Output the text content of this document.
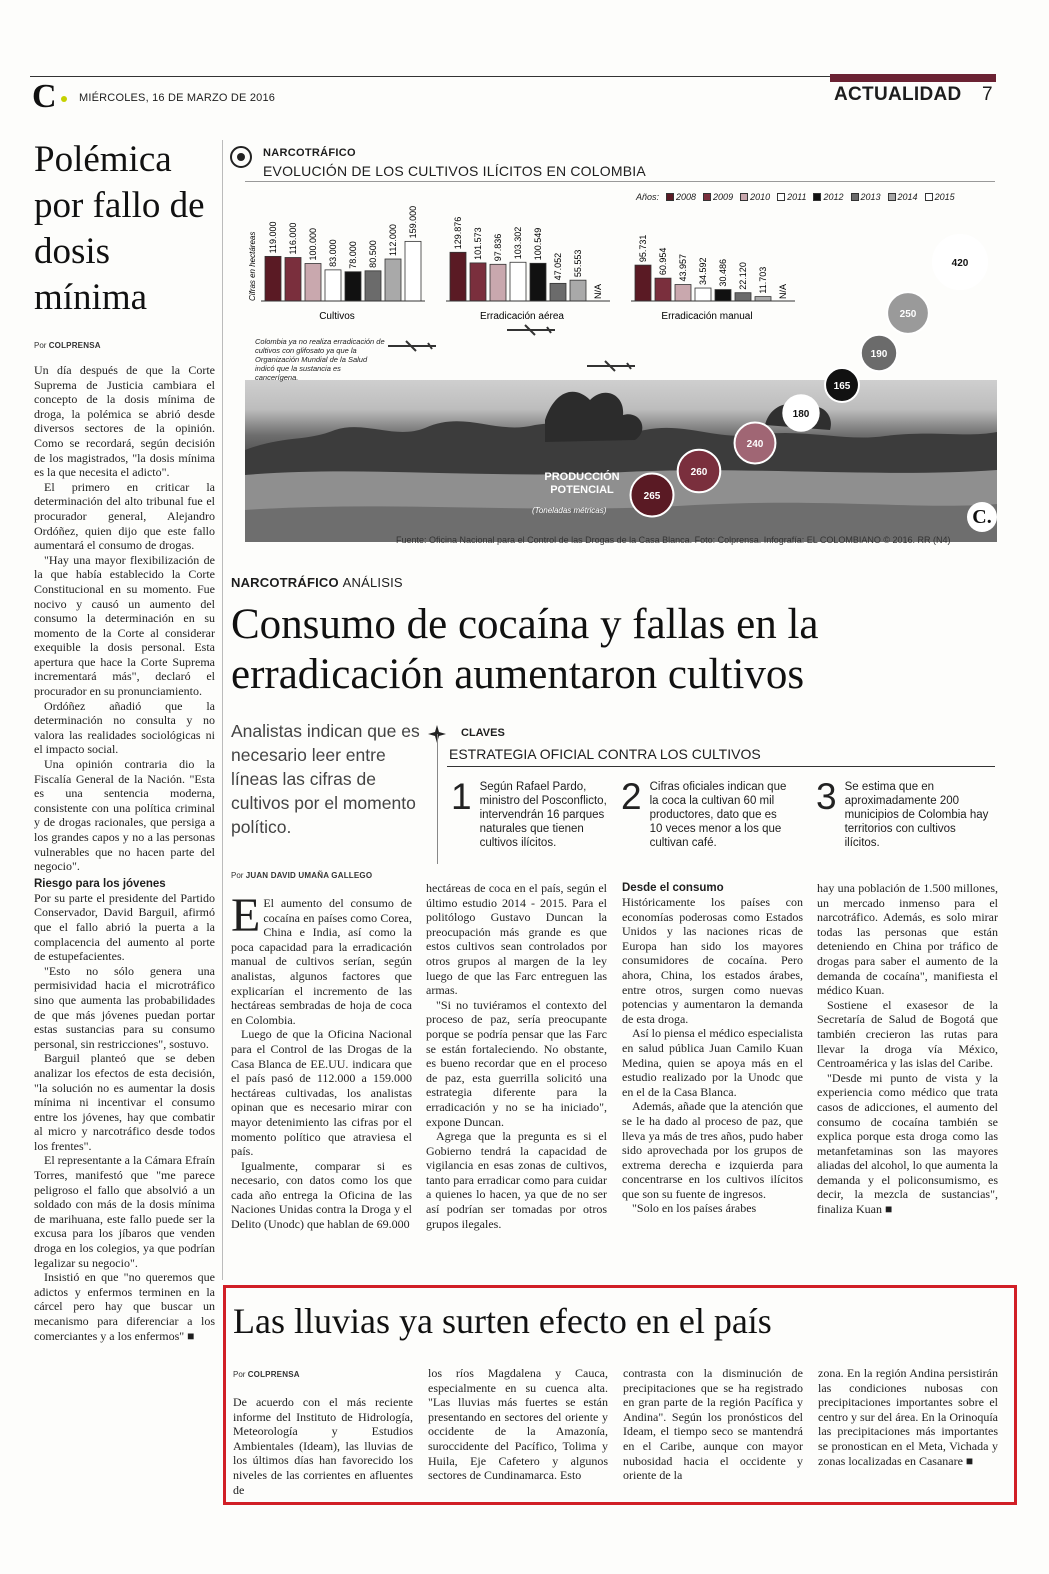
C MIÉRCOLES, 16 DE MARZO DE 2016	ACTUALIDAD 7
Polémica por fallo de dosis mínima
Por COLPRENSA

Un día después de que la Corte Suprema de Justicia cambiara el concepto de la dosis mínima de droga, la polémica se abrió desde diversos sectores de la opinión. Como se recordará, según decisión de los magistrados, "la dosis mínima es la que necesita el adicto".

El primero en criticar la determinación del alto tribunal fue el procurador general, Alejandro Ordóñez, quien dijo que este fallo aumentará el consumo de drogas.

"Hay una mayor flexibilización de la que había establecido la Corte Constitucional en su momento. Fue nocivo y causó un aumento del consumo la determinación en su momento de la Corte al considerar exequible la dosis personal. Esta apertura que hace la Corte Suprema incrementará más", declaró el procurador en su pronunciamiento.

Ordóñez añadió que la determinación no consulta y no valora las realidades sociológicas ni el impacto social.

Una opinión contraria dio la Fiscalía General de la Nación. "Esta es una sentencia moderna, consistente con una política criminal y de drogas racionales, que persiga a los grandes capos y no a las personas vulnerables que no hacen parte del negocio".

Riesgo para los jóvenes

Por su parte el presidente del Partido Conservador, David Barguil, afirmó que el fallo abrió la puerta a la complacencia del aumento al porte de estupefacientes.

"Esto no sólo genera una permisividad hacia el microtráfico sino que aumenta las probabilidades de que más jóvenes puedan portar estas sustancias para su consumo personal, sin restricciones", sostuvo.

Barguil planteó que se deben analizar los efectos de esta decisión, "la solución no es aumentar la dosis mínima ni incentivar el consumo entre los jóvenes, hay que combatir al micro y narcotráfico desde todos los frentes".

El representante a la Cámara Efraín Torres, manifestó que "me parece peligroso el fallo que absolvió a un soldado con más de la dosis mínima de marihuana, este fallo puede ser la excusa para los jíbaros que venden droga en los colegios, ya que podrían legalizar su negocio".

Insistió en que "no queremos que adictos y enfermos terminen en la cárcel pero hay que buscar un mecanismo para diferenciar a los comerciantes y a los enfermos" ■

NARCOTRÁFICO
EVOLUCIÓN DE LOS CULTIVOS ILÍCITOS EN COLOMBIA
Años:	2008	2009	2010	2011	2012	2013	2014	2015
Colombia ya no realiza erradicación de cultivos con glifosato ya que la Organización Mundial de la Salud indicó que la sustancia es cancerígena.
Cifras en hectáreas 119.000 116.000 100.000 83.000 78.000 80.500 112.000
159.000
Cultivos
129.876 101.573 97.836 103.302 100.549
47.052 55.553
N/A
Erradicación aérea
95.731 60.954 43.957 34.592 30.486 22.120 11.703 N/A
Erradicación manual
265
260
240
180
165
190
250
420
PRODUCCIÓN POTENCIAL
(Toneladas métricas)	C.
Fuente: Oficina Nacional para el Control de las Drogas de la Casa Blanca. Foto: Colprensa. Infografía: EL COLOMBIANO © 2016. RR (N4)
NARCOTRÁFICO ANÁLISIS
Consumo de cocaína y fallas en la erradicación aumentaron cultivos
Analistas indican que es necesario leer entre líneas las cifras de cultivos por el momento político.
CLAVES
ESTRATEGIA OFICIAL CONTRA LOS CULTIVOS
1 Según Rafael Pardo, ministro del Posconflicto, intervendrán 16 parques naturales que tienen cultivos ilícitos.
2 Cifras oficiales indican que la coca la cultivan 60 mil productores, dato que es 10 veces menor a los que cultivan café.
3 Se estima que en aproximadamente 200 municipios de Colombia hay territorios con cultivos ilícitos.
Por JUAN DAVID UMAÑA GALLEGO

E El aumento del consumo de cocaína en países como Corea, China e India, así como la poca capacidad para la erradicación manual de cultivos serían, según analistas, algunos factores que explicarían el incremento de las hectáreas sembradas de hoja de coca en Colombia.

Luego de que la Oficina Nacional para el Control de las Drogas de la Casa Blanca de EE.UU. indicara que el país pasó de 112.000 a 159.000 hectáreas cultivadas, los analistas opinan que es necesario mirar con mayor detenimiento las cifras por el momento político que atraviesa el país.

Igualmente, comparar si es necesario, con datos como los que cada año entrega la Oficina de las Naciones Unidas contra la Droga y el Delito (Unodc) que hablan de 69.000

hectáreas de coca en el país, según el último estudio 2014 - 2015. Para el politólogo Gustavo Duncan la preocupación más grande es que estos cultivos sean controlados por otros grupos al margen de la ley luego de que las Farc entreguen las armas.

"Si no tuviéramos el contexto del proceso de paz, sería preocupante porque se podría pensar que las Farc se están fortaleciendo. No obstante, es bueno recordar que en el proceso de paz, esta guerrilla solicitó una estrategia diferente para la erradicación y no se ha iniciado", expone Duncan.

Agrega que la pregunta es si el Gobierno tendrá la capacidad de vigilancia en esas zonas de cultivos, tanto para erradicar como para cuidar a quienes lo hacen, ya que de no ser así podrían ser tomadas por otros grupos ilegales.

Desde el consumo

Históricamente los países con economías poderosas como Estados Unidos y las naciones ricas de Europa han sido los mayores consumidores de cocaína. Pero ahora, China, los estados árabes, entre otros, surgen como nuevas potencias y aumentaron la demanda de esta droga.

Así lo piensa el médico especialista en salud pública Juan Camilo Kuan Medina, quien se apoya más en el estudio realizado por la Unodc que en el de la Casa Blanca.

Además, añade que la atención que se le ha dado al proceso de paz, que lleva ya más de tres años, pudo haber sido aprovechada por los grupos de extrema derecha e izquierda para concentrarse en los cultivos ilícitos que son su fuente de ingresos.

"Solo en los países árabes

hay una población de 1.500 millones, un mercado inmenso para el narcotráfico. Además, es solo mirar todas las personas que están deteniendo en China por tráfico de drogas para saber el aumento de la demanda de cocaína", manifiesta el médico Kuan.

Sostiene el exasesor de la Secretaría de Salud de Bogotá que también crecieron las rutas para llevar la droga vía México, Centroamérica y las islas del Caribe.

"Desde mi punto de vista y la experiencia como médico que trata casos de adicciones, el aumento del consumo de cocaína también se explica porque esta droga como las metanfetaminas son las mayores aliadas del alcohol, lo que aumenta la demanda y el policonsumismo, es decir, la mezcla de sustancias", finaliza Kuan ■

Las lluvias ya surten efecto en el país
Por COLPRENSA
De acuerdo con el más reciente informe del Instituto de Hidrología, Meteorología y Estudios Ambientales (Ideam), las lluvias de los últimos días han favorecido los niveles de las corrientes en afluentes de
los ríos Magdalena y Cauca, especialmente en su cuenca alta. "Las lluvias más fuertes se están presentando en sectores del oriente y occidente de la Amazonía, suroccidente del Pacífico, Tolima y Huila, Eje Cafetero y algunos sectores de Cundinamarca. Esto
contrasta con la disminución de precipitaciones que se ha registrado en gran parte de la región Pacífica y Andina". Según los pronósticos del Ideam, el tiempo seco se mantendrá en el Caribe, aunque con mayor nubosidad hacia el occidente y oriente de la
zona. En la región Andina persistirán las condiciones nubosas con precipitaciones importantes sobre el centro y sur del área. En la Orinoquía las precipitaciones más importantes se pronostican en el Meta, Vichada y zonas localizadas en Casanare ■
